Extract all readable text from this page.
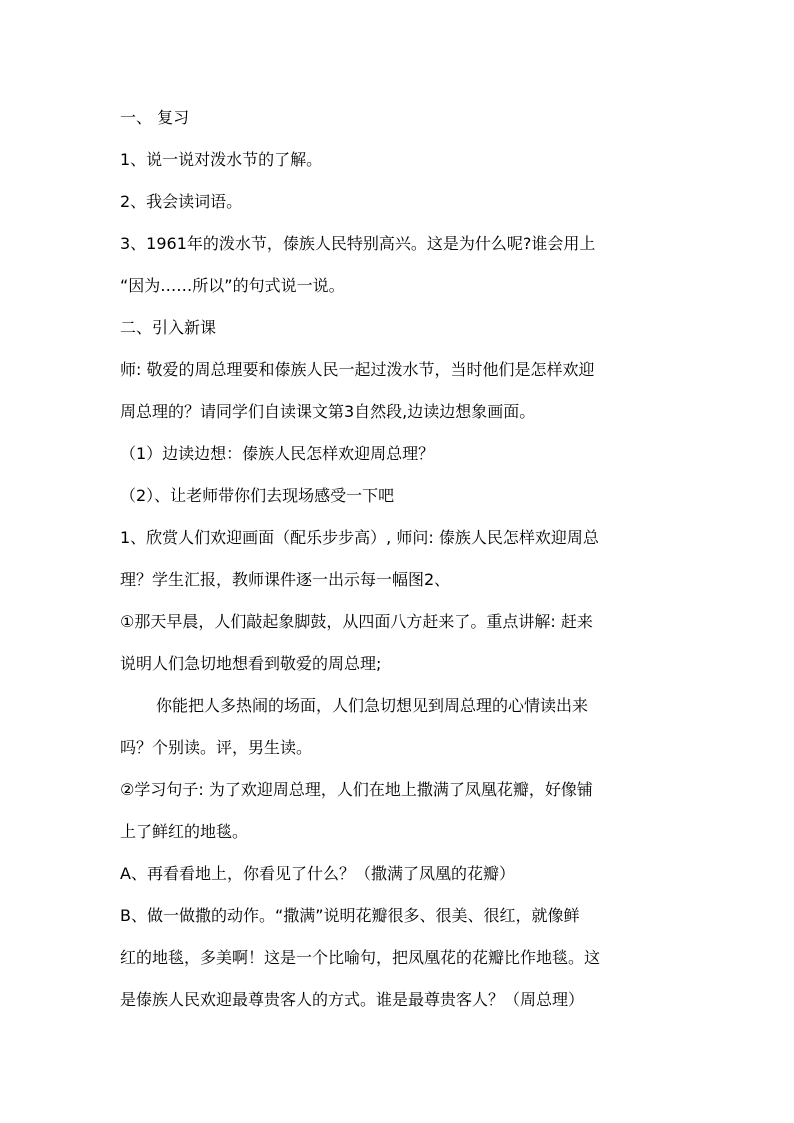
一、 复习
1、说一说对泼水节的了解。
2、我会读词语。
3、1961年的泼水节，傣族人民特别高兴。这是为什么呢?谁会用上
“因为……所以”的句式说一说。
二、引入新课
师: 敬爱的周总理要和傣族人民一起过泼水节，当时他们是怎样欢迎
周总理的？请同学们自读课文第3自然段,边读边想象画面。
（1）边读边想：傣族人民怎样欢迎周总理？
（2）、让老师带你们去现场感受一下吧
1、欣赏人们欢迎画面（配乐步步高）, 师问: 傣族人民怎样欢迎周总
理？学生汇报，教师课件逐一出示每一幅图2、
①那天早晨，人们敲起象脚鼓，从四面八方赶来了。重点讲解: 赶来
说明人们急切地想看到敬爱的周总理;
你能把人多热闹的场面，人们急切想见到周总理的心情读出来
吗？个别读。评，男生读。
②学习句子: 为了欢迎周总理，人们在地上撒满了凤凰花瓣，好像铺
上了鲜红的地毯。
A、再看看地上，你看见了什么？（撒满了凤凰的花瓣）
B、做一做撒的动作。“撒满”说明花瓣很多、很美、很红，就像鲜
红的地毯，多美啊！这是一个比喻句，把凤凰花的花瓣比作地毯。这
是傣族人民欢迎最尊贵客人的方式。谁是最尊贵客人？（周总理）
